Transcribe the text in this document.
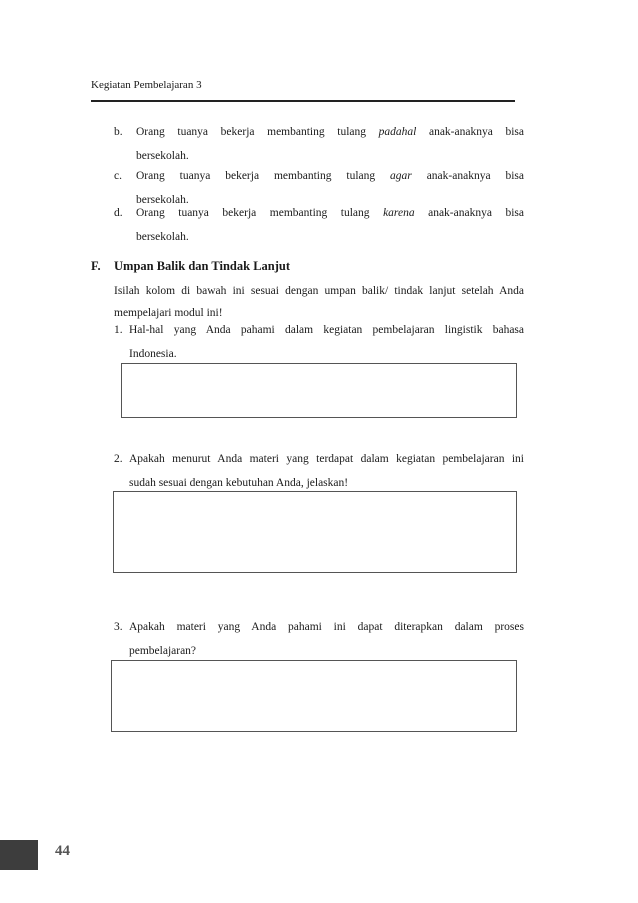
Kegiatan Pembelajaran 3
b. Orang tuanya bekerja membanting tulang padahal anak-anaknya bisa
bersekolah.
c. Orang tuanya bekerja membanting tulang agar anak-anaknya bisa
bersekolah.
d. Orang tuanya bekerja membanting tulang karena anak-anaknya bisa
bersekolah.
F. Umpan Balik dan Tindak Lanjut
Isilah kolom di bawah ini sesuai dengan umpan balik/ tindak lanjut setelah Anda
mempelajari modul ini!
1. Hal-hal yang Anda pahami dalam kegiatan pembelajaran lingistik bahasa
Indonesia.
2. Apakah menurut Anda materi yang terdapat dalam kegiatan pembelajaran ini
sudah sesuai dengan kebutuhan Anda, jelaskan!
3. Apakah materi yang Anda pahami ini dapat diterapkan dalam proses
pembelajaran?
44
